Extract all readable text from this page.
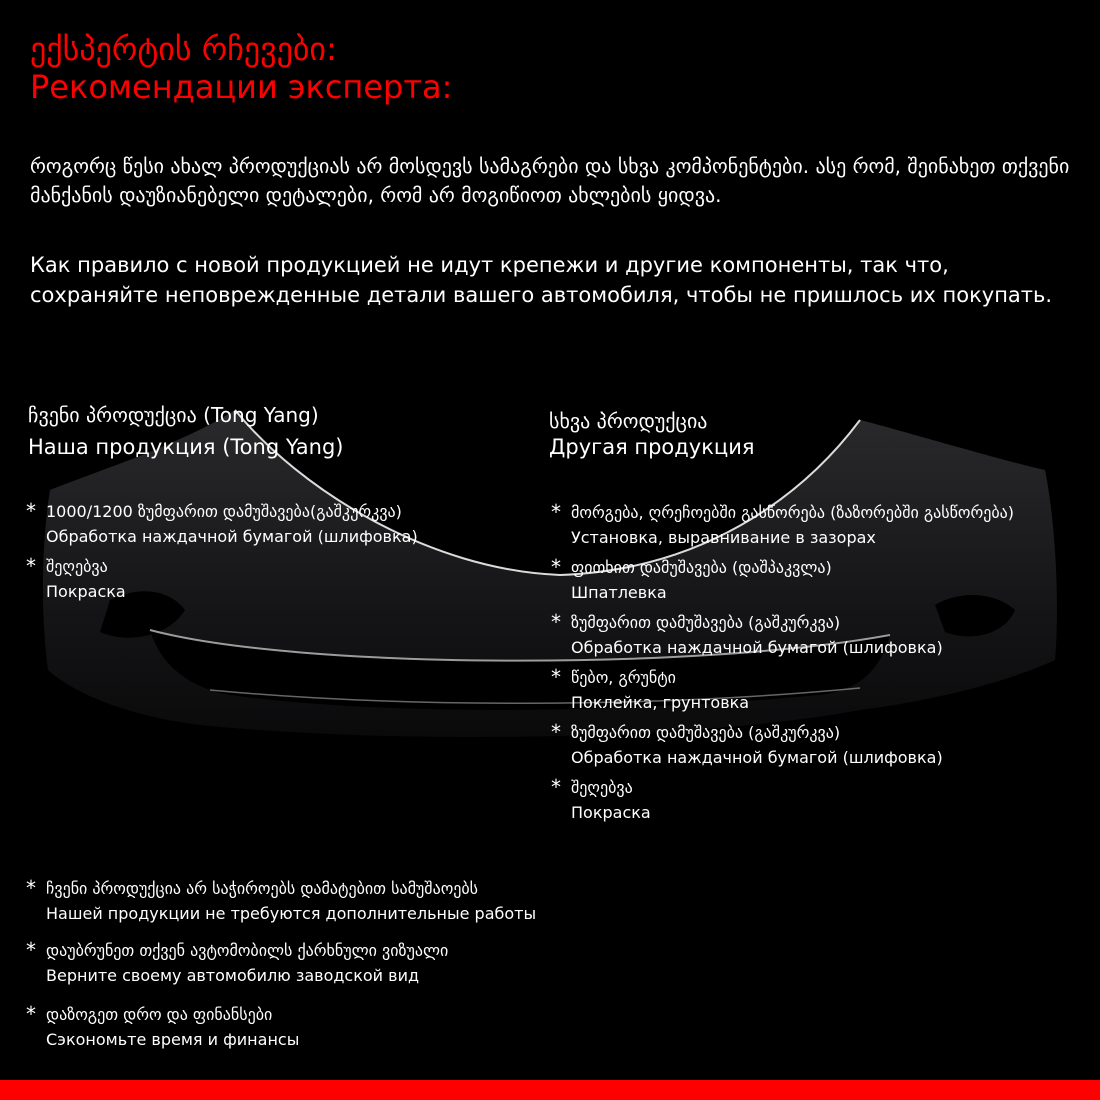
ექსპერტის რჩევები:
Рекомендации эксперта:
როგორც წესი ახალ პროდუქციას არ მოსდევს სამაგრები და სხვა კომპონენტები. ასე რომ, შეინახეთ თქვენი მანქანის დაუზიანებელი დეტალები, რომ არ მოგიწიოთ ახლების ყიდვა.
Как правило с новой продукцией не идут крепежи и другие компоненты, так что, сохраняйте неповрежденные детали вашего автомобиля, чтобы не пришлось их покупать.
ჩვენი პროდუქცია (Tong Yang)
Наша продукция (Tong Yang)
* 1000/1200 ზუმფარით დამუშავება(გაშკურკვა)
Обработка наждачной бумагой (шлифовка)
* შეღებვა
Покраска
სხვა პროდუქცია
Другая продукция
* მორგება, ღრეჩოებში გასწორება (ზაზორებში გასწორება)
Установка, выравнивание в зазорах
* ფითხით დამუშავება (დაშპაკვლა)
Шпатлевка
* ზუმფარით დამუშავება (გაშკურკვა)
Обработка наждачной бумагой (шлифовка)
* წებო, გრუნტი
Поклейка, грунтовка
* ზუმფარით დამუშავება (გაშკურკვა)
Обработка наждачной бумагой (шлифовка)
* შეღებვა
Покраска
* ჩვენი პროდუქცია არ საჭიროებს დამატებით სამუშაოებს
Нашей продукции не требуются дополнительные работы
* დაუბრუნეთ თქვენ ავტომობილს ქარხნული ვიზუალი
Верните своему автомобилю заводской вид
* დაზოგეთ დრო და ფინანსები
Сэкономьте время и финансы
